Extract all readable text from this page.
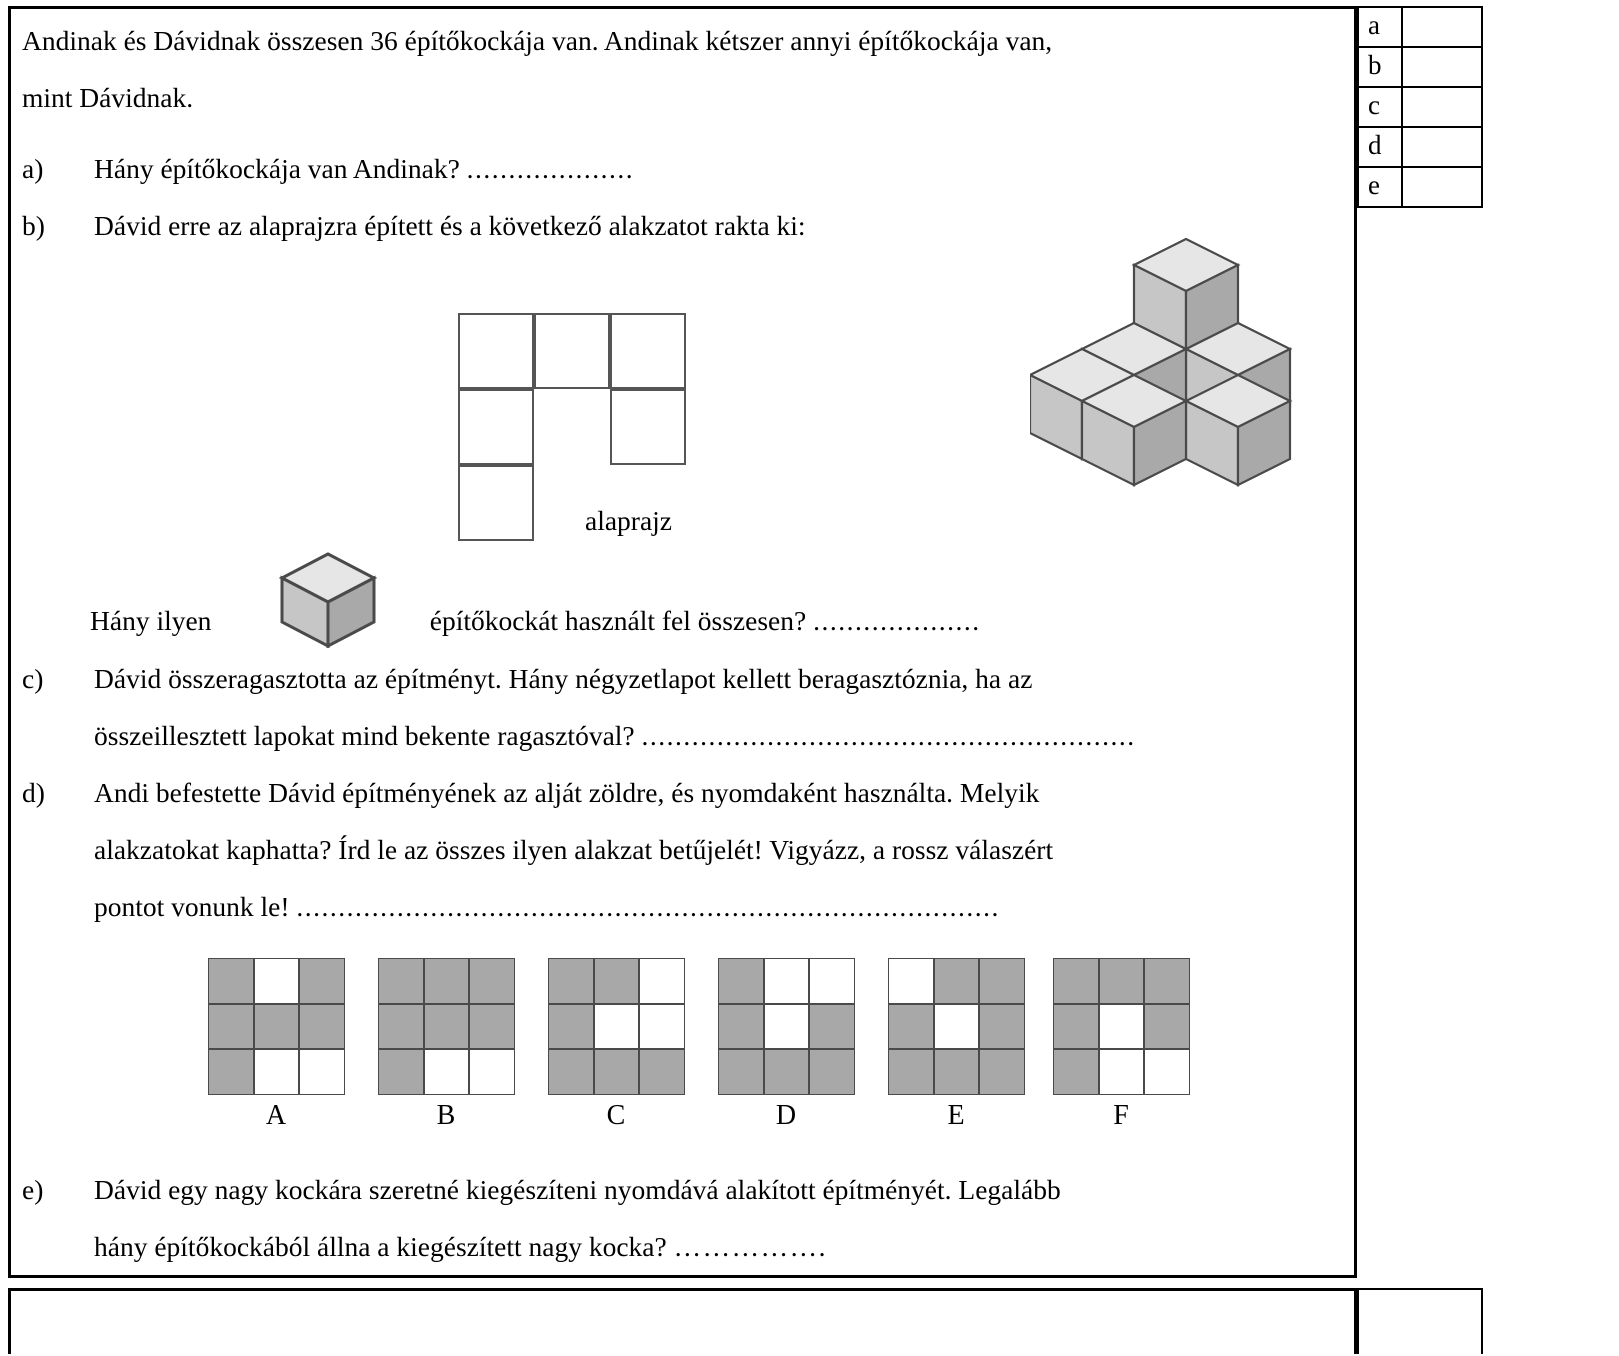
Andinak és Dávidnak összesen 36 építőkockája van. Andinak kétszer annyi építőkockája van,
mint Dávidnak.
a)	Hány építőkockája van Andinak? ....................
b)	Dávid erre az alaprajzra épített és a következő alakzatot rakta ki:
alaprajz
Hány ilyen	építőkockát használt fel összesen? ....................
c)	Dávid összeragasztotta az építményt. Hány négyzetlapot kellett beragasztóznia, ha az
összeillesztett lapokat mind bekente ragasztóval? ...........................................................
d)	Andi befestette Dávid építményének az alját zöldre, és nyomdaként használta. Melyik
alakzatokat kaphatta? Írd le az összes ilyen alakzat betűjelét! Vigyázz, a rossz válaszért
pontot vonunk le! ....................................................................................
A	B	C	D	E	F
e)	Dávid egy nagy kockára szeretné kiegészíteni nyomdává alakított építményét. Legalább
hány építőkockából állna a kiegészített nagy kocka? …………….
a	
b	
c	
d	
e	
